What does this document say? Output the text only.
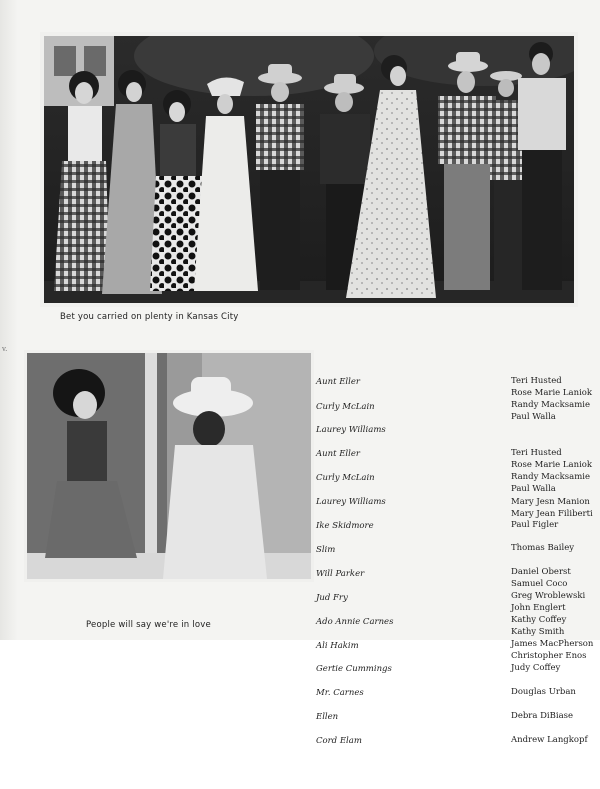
v.
Bet you carried on plenty in Kansas City
People will say we're in love
Aunt Eller
Curly McLain
Laurey Williams
Aunt Eller
Curly McLain
Laurey Williams
Ike Skidmore
Slim
Will Parker
Jud Fry
Ado Annie Carnes
Ali Hakim
Gertie Cummings
Mr. Carnes
Ellen
Cord Elam
Teri Husted
Rose Marie Laniok
Randy Macksamie
Paul Walla
Teri Husted
Rose Marie Laniok
Randy Macksamie
Paul Walla
Mary Jesn Manion
Mary Jean Filiberti
Paul Figler
Thomas Bailey
Daniel Oberst
Samuel Coco
Greg Wroblewski
John Englert
Kathy Coffey
Kathy Smith
James MacPherson
Christopher Enos
Judy Coffey
Douglas Urban
Debra DiBiase
Andrew Langkopf
